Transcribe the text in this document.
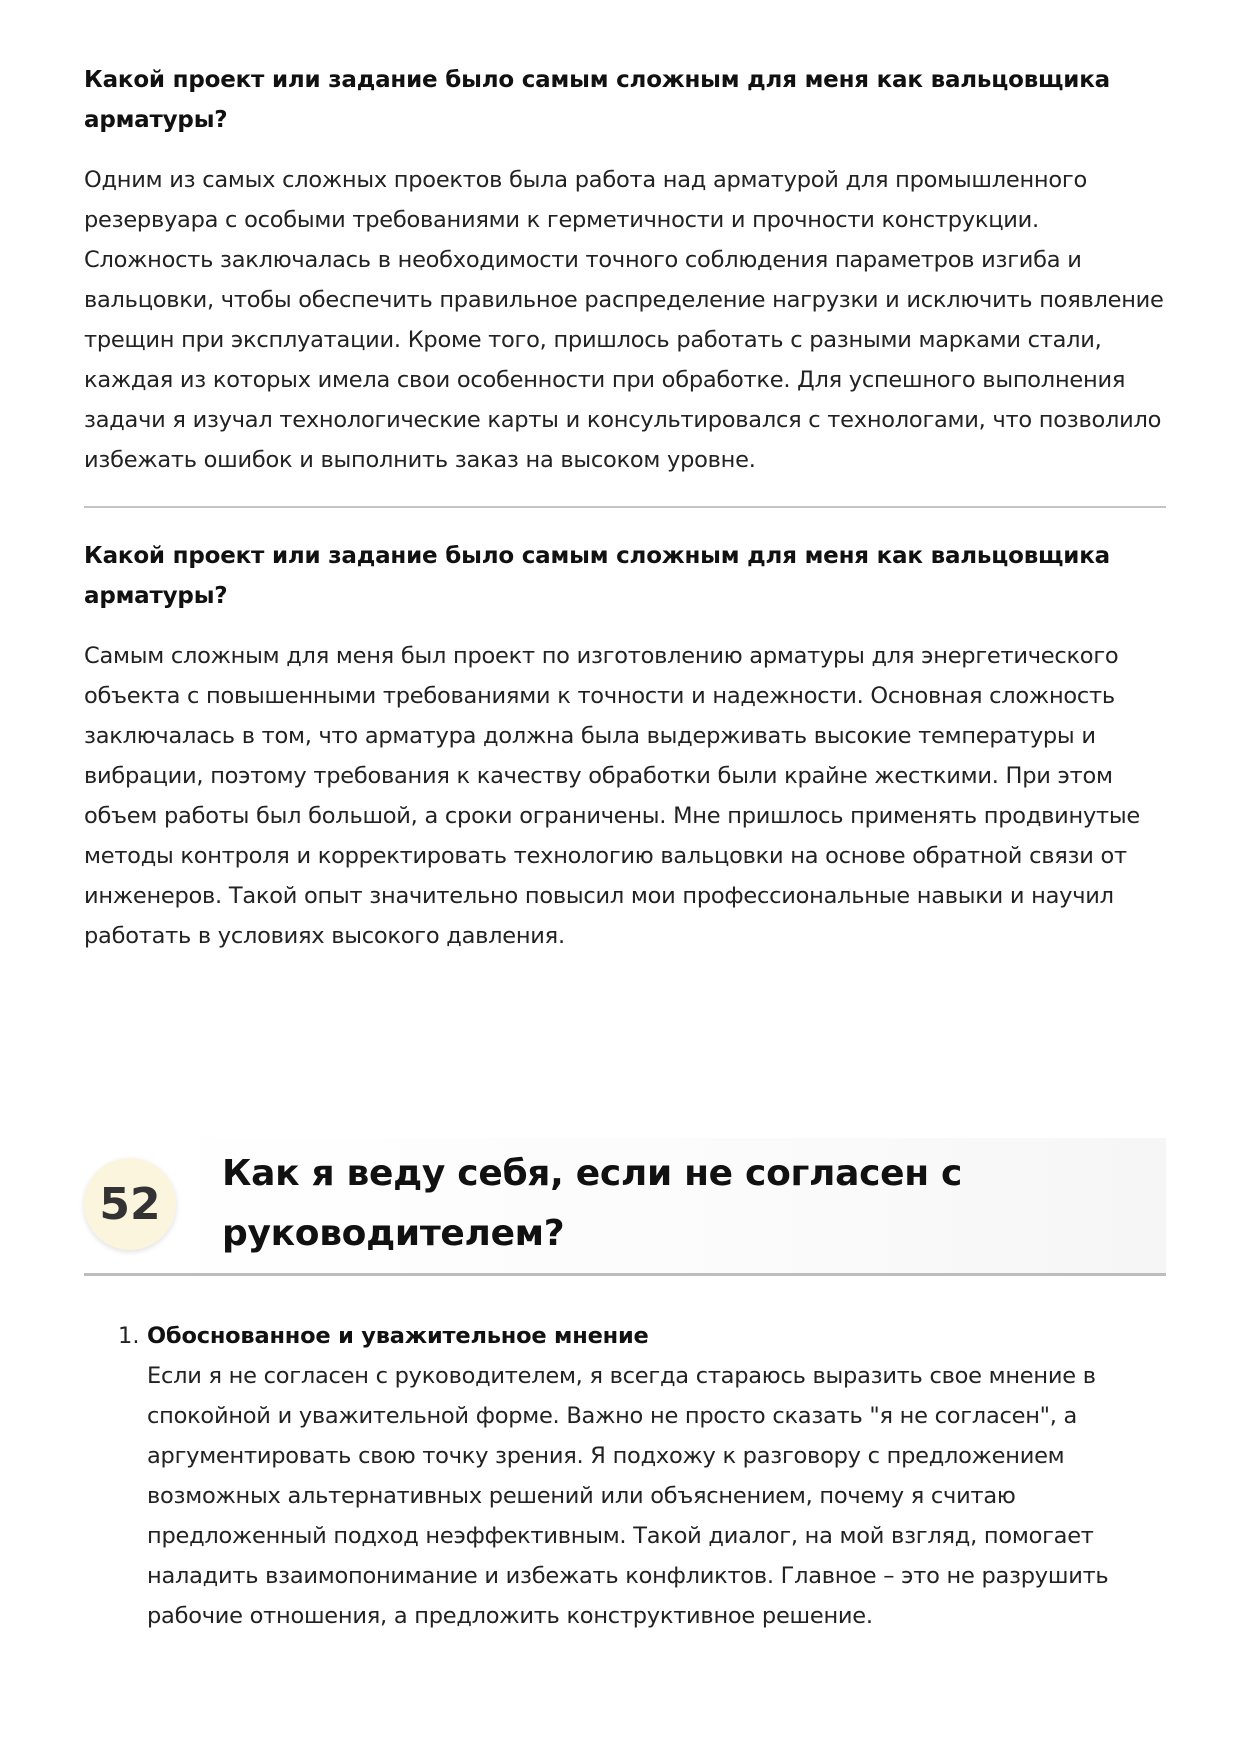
Какой проект или задание было самым сложным для меня как вальцовщика арматуры?

Одним из самых сложных проектов была работа над арматурой для промышленного резервуара с особыми требованиями к герметичности и прочности конструкции. Сложность заключалась в необходимости точного соблюдения параметров изгиба и вальцовки, чтобы обеспечить правильное распределение нагрузки и исключить появление трещин при эксплуатации. Кроме того, пришлось работать с разными марками стали, каждая из которых имела свои особенности при обработке. Для успешного выполнения задачи я изучал технологические карты и консультировался с технологами, что позволило избежать ошибок и выполнить заказ на высоком уровне.

Какой проект или задание было самым сложным для меня как вальцовщика арматуры?

Самым сложным для меня был проект по изготовлению арматуры для энергетического объекта с повышенными требованиями к точности и надежности. Основная сложность заключалась в том, что арматура должна была выдерживать высокие температуры и вибрации, поэтому требования к качеству обработки были крайне жесткими. При этом объем работы был большой, а сроки ограничены. Мне пришлось применять продвинутые методы контроля и корректировать технологию вальцовки на основе обратной связи от инженеров. Такой опыт значительно повысил мои профессиональные навыки и научил работать в условиях высокого давления.

52
Как я веду себя, если не согласен с руководителем?
1. Обоснованное и уважительное мнение

Если я не согласен с руководителем, я всегда стараюсь выразить свое мнение в спокойной и уважительной форме. Важно не просто сказать "я не согласен", а аргументировать свою точку зрения. Я подхожу к разговору с предложением возможных альтернативных решений или объяснением, почему я считаю предложенный подход неэффективным. Такой диалог, на мой взгляд, помогает наладить взаимопонимание и избежать конфликтов. Главное – это не разрушить рабочие отношения, а предложить конструктивное решение.
